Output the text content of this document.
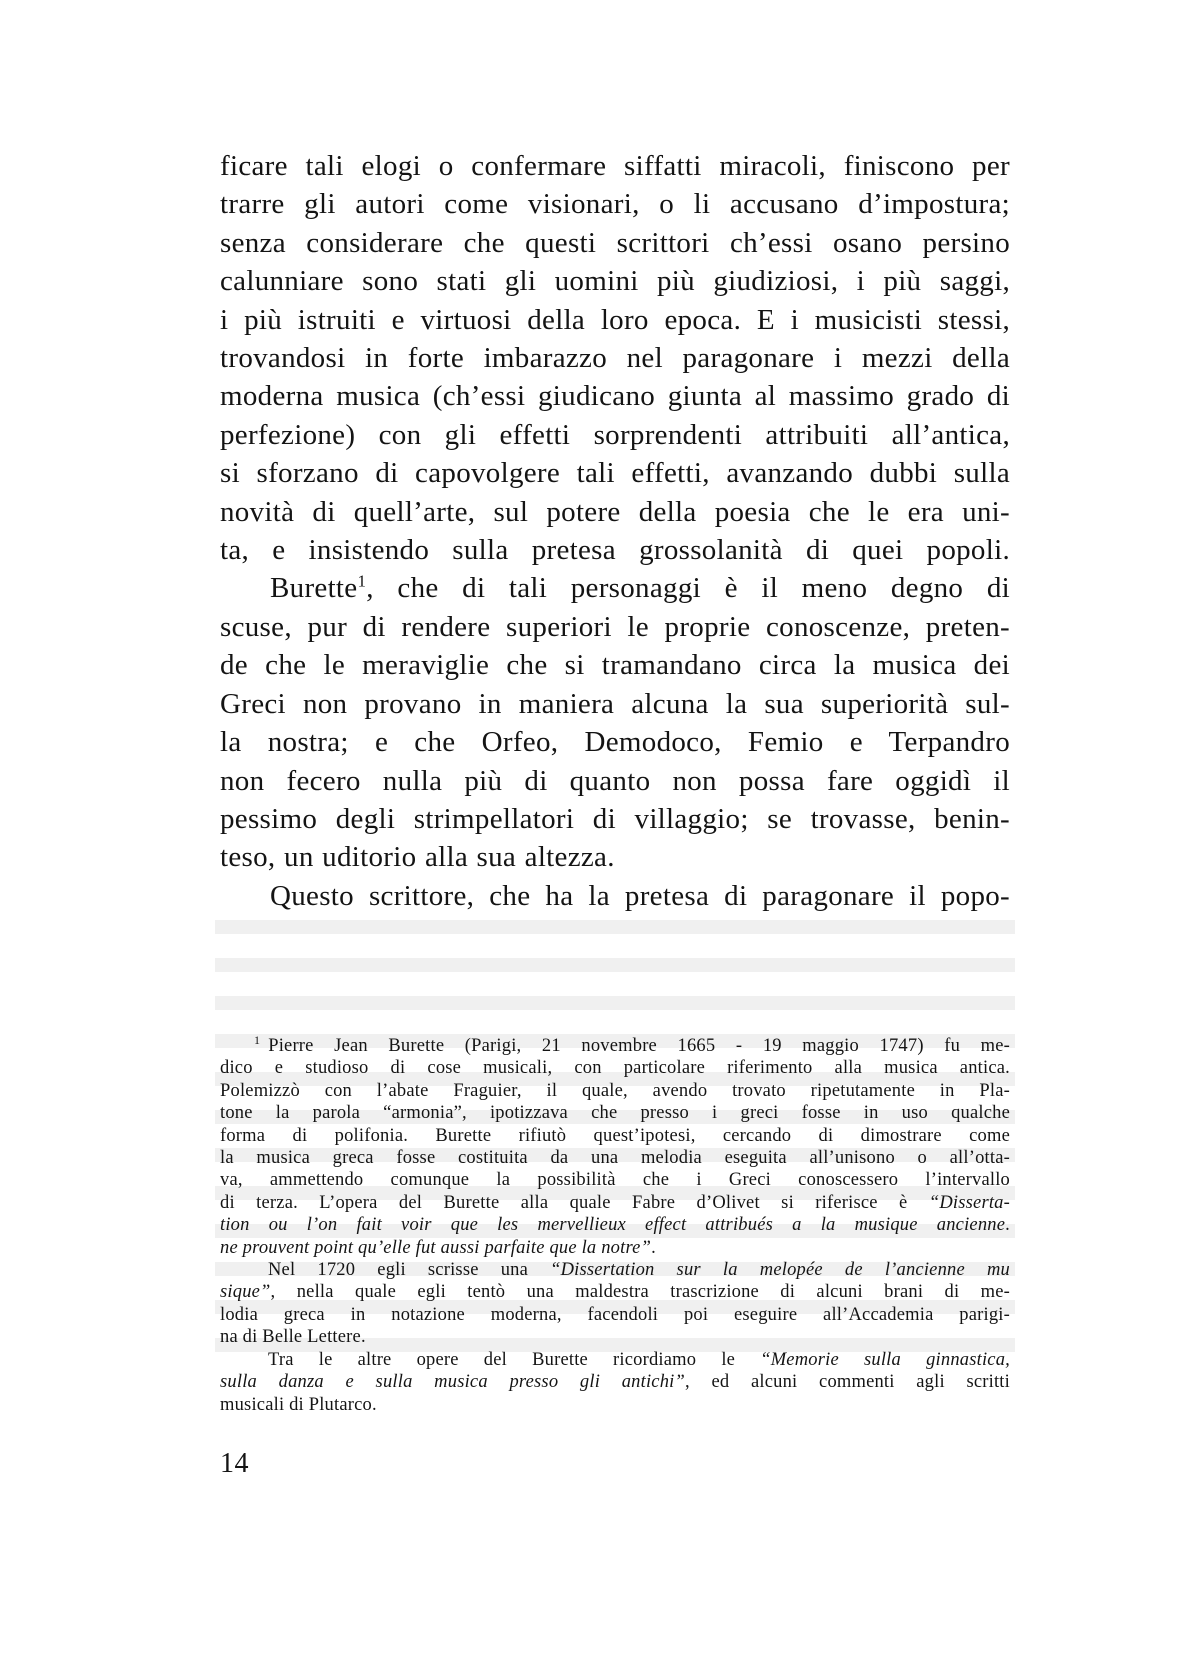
ficare tali elogi o confermare siffatti miracoli, finiscono per
trarre gli autori come visionari, o li accusano d’impostura;
senza considerare che questi scrittori ch’essi osano persino
calunniare sono stati gli uomini più giudiziosi, i più saggi,
i più istruiti e virtuosi della loro epoca. E i musicisti stessi,
trovandosi in forte imbarazzo nel paragonare i mezzi della
moderna musica (ch’essi giudicano giunta al massimo grado di
perfezione) con gli effetti sorprendenti attribuiti all’antica,
si sforzano di capovolgere tali effetti, avanzando dubbi sulla
novità di quell’arte, sul potere della poesia che le era uni-
ta, e insistendo sulla pretesa grossolanità di quei popoli.
Burette$^1$, che di tali personaggi è il meno degno di
scuse, pur di rendere superiori le proprie conoscenze, preten-
de che le meraviglie che si tramandano circa la musica dei
Greci non provano in maniera alcuna la sua superiorità sul-
la nostra; e che Orfeo, Demodoco, Femio e Terpandro
non fecero nulla più di quanto non possa fare oggidì il
pessimo degli strimpellatori di villaggio; se trovasse, benin-
teso, un uditorio alla sua altezza.
Questo scrittore, che ha la pretesa di paragonare il popo-
$^1$ Pierre Jean Burette (Parigi, 21 novembre 1665 - 19 maggio 1747) fu me-
dico e studioso di cose musicali, con particolare riferimento alla musica antica.
Polemizzò con l’abate Fraguier, il quale, avendo trovato ripetutamente in Pla-
tone la parola “armonia”, ipotizzava che presso i greci fosse in uso qualche
forma di polifonia. Burette rifiutò quest’ipotesi, cercando di dimostrare come
la musica greca fosse costituita da una melodia eseguita all’unisono o all’otta-
va, ammettendo comunque la possibilità che i Greci conoscessero l’intervallo
di terza. L’opera del Burette alla quale Fabre d’Olivet si riferisce è “Disserta-
tion ou l’on fait voir que les mervellieux effect attribués a la musique ancienne.
ne prouvent point qu’elle fut aussi parfaite que la notre”.
Nel 1720 egli scrisse una “Dissertation sur la melopée de l’ancienne mu
sique”, nella quale egli tentò una maldestra trascrizione di alcuni brani di me-
lodia greca in notazione moderna, facendoli poi eseguire all’Accademia parigi-
na di Belle Lettere.
Tra le altre opere del Burette ricordiamo le “Memorie sulla ginnastica,
sulla danza e sulla musica presso gli antichi”, ed alcuni commenti agli scritti
musicali di Plutarco.
14
